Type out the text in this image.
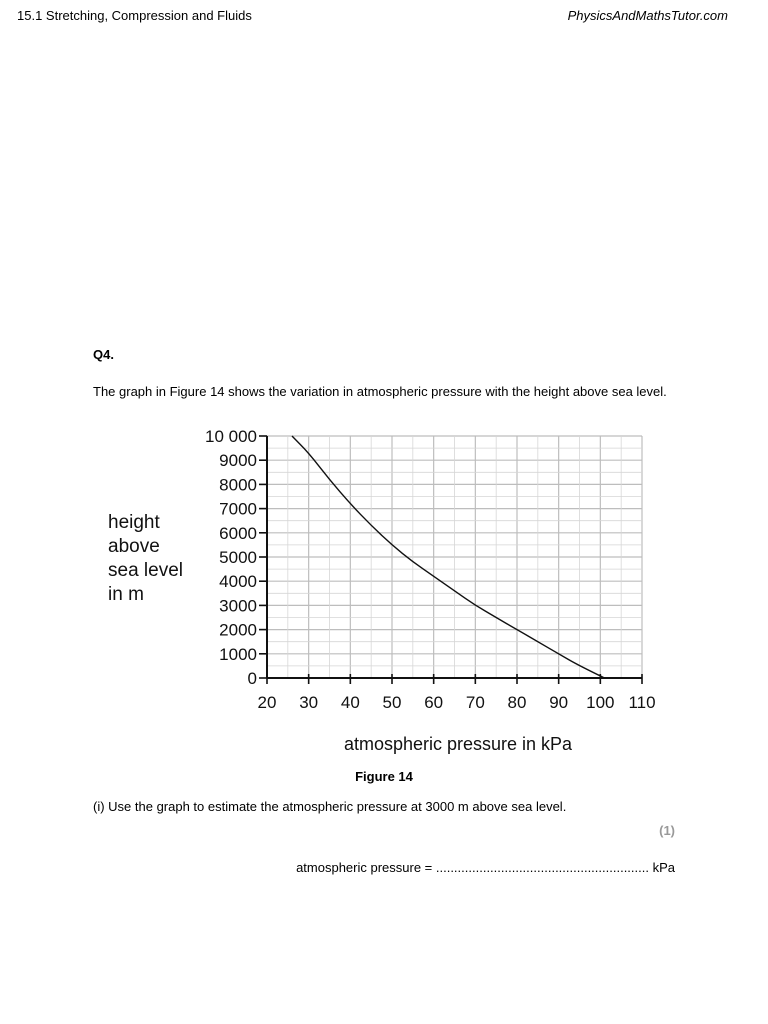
15.1 Stretching, Compression and Fluids	PhysicsAndMathsTutor.com
Q4.
The graph in Figure 14 shows the variation in atmospheric pressure with the height above sea level.
height
above
sea level
in m
20 30 40 50 60 70 80 90 100 110
0
1000
2000
3000
4000
5000
6000
7000
8000
9000
10 000
atmospheric pressure in kPa
Figure 14
(i) Use the graph to estimate the atmospheric pressure at 3000 m above sea level.
(1)
atmospheric pressure = ........................................................... kPa
